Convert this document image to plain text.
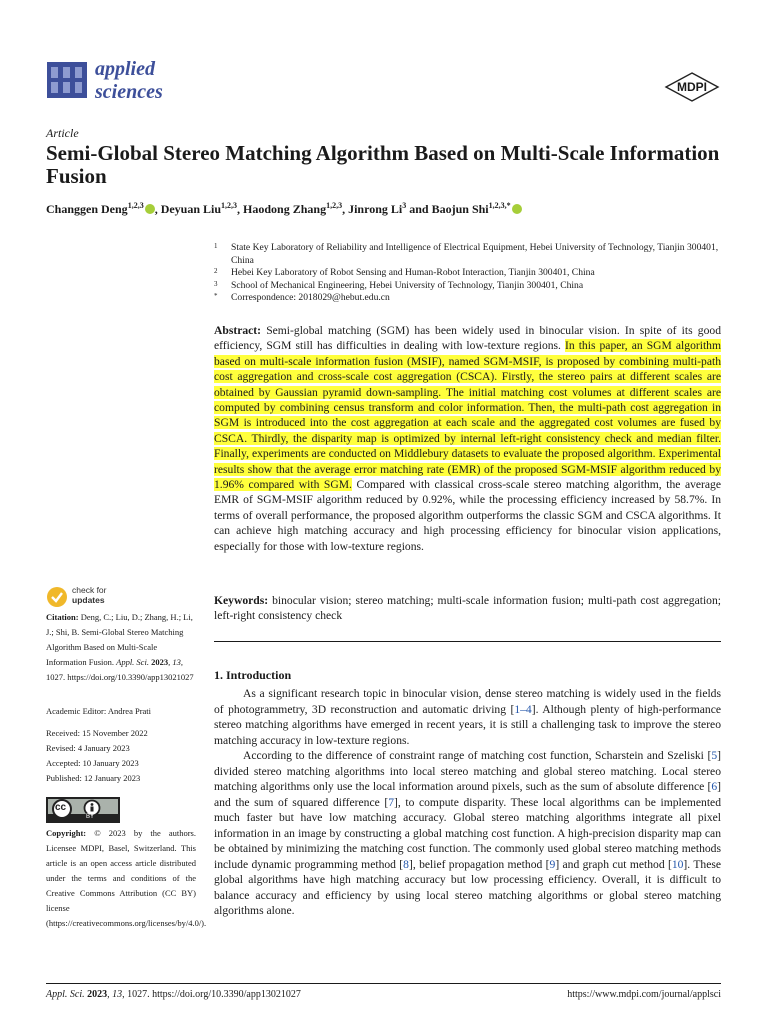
applied
sciences	MDPI
Article
Semi-Global Stereo Matching Algorithm Based on Multi-Scale Information Fusion
Changgen Deng$^{1,2,3}$ , Deyuan Liu$^{1,2,3}$, Haodong Zhang$^{1,2,3}$, Jinrong Li$^3$ and Baojun Shi$^{1,2,3,*}$
1 State Key Laboratory of Reliability and Intelligence of Electrical Equipment, Hebei University of Technology, Tianjin 300401, China
2 Hebei Key Laboratory of Robot Sensing and Human-Robot Interaction, Tianjin 300401, China
3 School of Mechanical Engineering, Hebei University of Technology, Tianjin 300401, China
* Correspondence: 2018029@hebut.edu.cn
Abstract: Semi-global matching (SGM) has been widely used in binocular vision. In spite of its good efficiency, SGM still has difficulties in dealing with low-texture regions. In this paper, an SGM algorithm based on multi-scale information fusion (MSIF), named SGM-MSIF, is proposed by combining multi-path cost aggregation and cross-scale cost aggregation (CSCA). Firstly, the stereo pairs at different scales are obtained by Gaussian pyramid down-sampling. The initial matching cost volumes at different scales are computed by combining census transform and color information. Then, the multi-path cost aggregation in SGM is introduced into the cost aggregation at each scale and the aggregated cost volumes are fused by CSCA. Thirdly, the disparity map is optimized by internal left-right consistency check and median filter. Finally, experiments are conducted on Middlebury datasets to evaluate the proposed algorithm. Experimental results show that the average error matching rate (EMR) of the proposed SGM-MSIF algorithm reduced by 1.96% compared with SGM. Compared with classical cross-scale stereo matching algorithm, the average EMR of SGM-MSIF algorithm reduced by 0.92%, while the processing efficiency increased by 58.7%. In terms of overall performance, the proposed algorithm outperforms the classic SGM and CSCA algorithms. It can achieve high matching accuracy and high processing efficiency for binocular vision applications, especially for those with low-texture regions.
Keywords: binocular vision; stereo matching; multi-scale information fusion; multi-path cost aggregation; left-right consistency check
check for
updates
Citation: Deng, C.; Liu, D.; Zhang, H.; Li, J.; Shi, B. Semi-Global Stereo Matching Algorithm Based on Multi-Scale Information Fusion. Appl. Sci. 2023, 13, 1027. https://doi.org/10.3390/app13021027
Academic Editor: Andrea Prati
Received: 15 November 2022
Revised: 4 January 2023
Accepted: 10 January 2023
Published: 12 January 2023
cc
BY
Copyright: © 2023 by the authors. Licensee MDPI, Basel, Switzerland. This article is an open access article distributed under the terms and conditions of the Creative Commons Attribution (CC BY) license (https://creativecommons.org/licenses/by/4.0/).
1. Introduction

As a significant research topic in binocular vision, dense stereo matching is widely used in the fields of photogrammetry, 3D reconstruction and automatic driving [1–4]. Although plenty of high-performance stereo matching algorithms have emerged in recent years, it is still a challenging task to improve the stereo matching accuracy in low-texture regions.

According to the difference of constraint range of matching cost function, Scharstein and Szeliski [5] divided stereo matching algorithms into local stereo matching and global stereo matching. Local stereo matching algorithms only use the local information around pixels, such as the sum of absolute difference [6] and the sum of squared difference [7], to compute disparity. These local algorithms can be implemented much faster but have low matching accuracy. Global stereo matching algorithms integrate all pixel information in an image by constructing a global matching cost function. A high-precision disparity map can be obtained by minimizing the matching cost function. The commonly used global stereo matching methods include dynamic programming method [8], belief propagation method [9] and graph cut method [10]. These global algorithms have high matching accuracy but low processing efficiency. Overall, it is difficult to balance accuracy and efficiency by using local stereo matching algorithms or global stereo matching algorithms alone.

Appl. Sci. 2023, 13, 1027. https://doi.org/10.3390/app13021027	https://www.mdpi.com/journal/applsci
